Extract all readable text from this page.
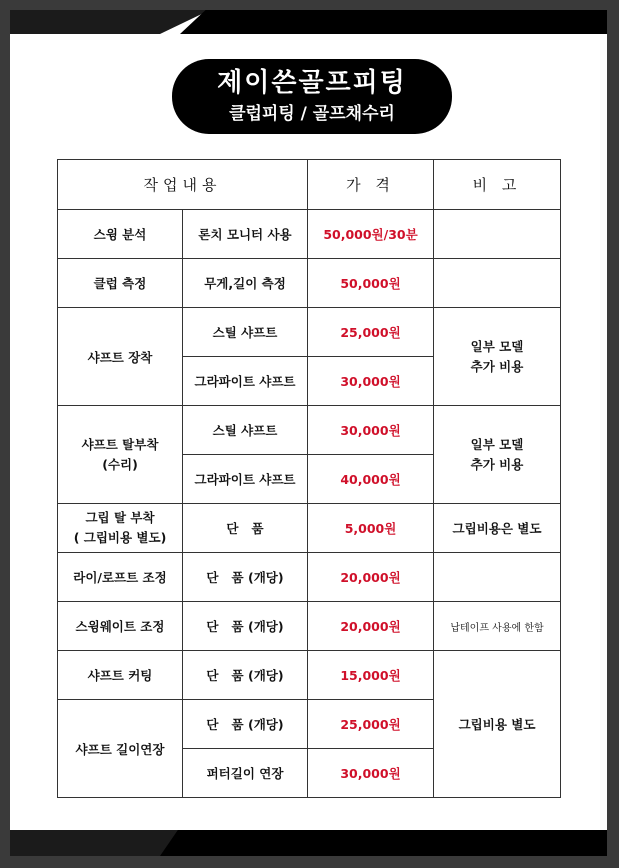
제이쓴골프피팅
클럽피팅 / 골프채수리
작업내용		가 격	비 고
스윙 분석	론치 모니터 사용	50,000원/30분	
클럽 측정	무게,길이 측정	50,000원	
샤프트 장착	스틸 샤프트	25,000원	일부 모델
추가 비용

	그라파이트 샤프트	30,000원	

샤프트 탈부착
(수리)	스틸 샤프트	30,000원	일부 모델
추가 비용

	그라파이트 샤프트	40,000원	

그립 탈 부착
( 그립비용 별도)	단   품	5,000원	그립비용은 별도
라이/로프트 조정	단   품 (개당)	20,000원	
스윙웨이트 조정	단   품 (개당)	20,000원	납테이프 사용에 한함
샤프트 커팅	단   품 (개당)	15,000원	그립비용 별도
샤프트 길이연장	단   품 (개당)	25,000원	
	퍼터길이 연장	30,000원	
